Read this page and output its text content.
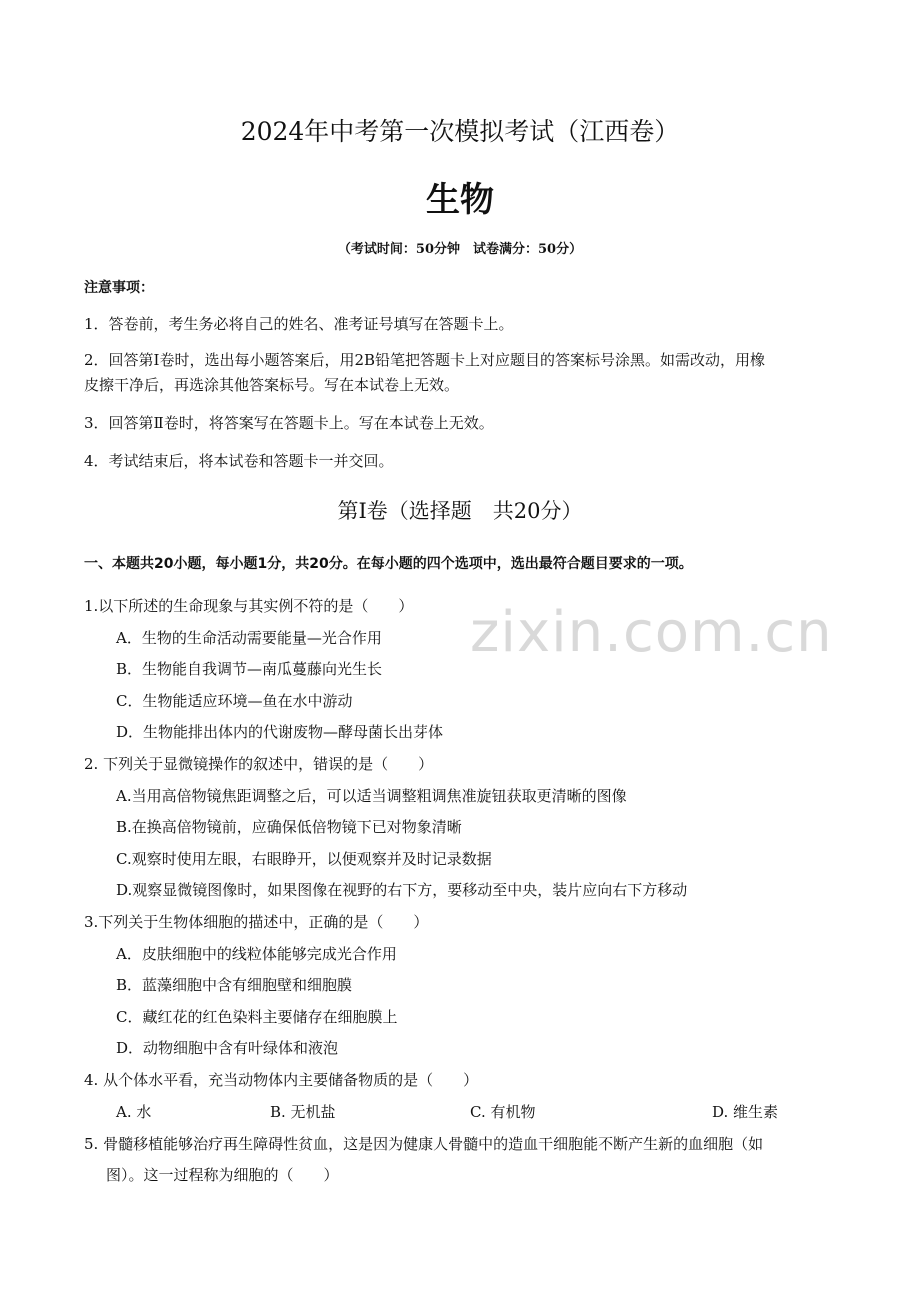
zixin.com.cn
2024年中考第一次模拟考试（江西卷）
生物
（考试时间：50分钟　试卷满分：50分）
注意事项：
1．答卷前，考生务必将自己的姓名、准考证号填写在答题卡上。
2．回答第Ⅰ卷时，选出每小题答案后，用2B铅笔把答题卡上对应题目的答案标号涂黑。如需改动，用橡
皮擦干净后，再选涂其他答案标号。写在本试卷上无效。
3．回答第Ⅱ卷时，将答案写在答题卡上。写在本试卷上无效。
4．考试结束后，将本试卷和答题卡一并交回。
第Ⅰ卷（选择题　共20分）
一、本题共20小题，每小题1分，共20分。在每小题的四个选项中，选出最符合题目要求的一项。
1.以下所述的生命现象与其实例不符的是（　　）
A．生物的生命活动需要能量—光合作用
B．生物能自我调节—南瓜蔓藤向光生长
C．生物能适应环境—鱼在水中游动
D．生物能排出体内的代谢废物—酵母菌长出芽体
2. 下列关于显微镜操作的叙述中，错误的是（　　）
A.当用高倍物镜焦距调整之后，可以适当调整粗调焦准旋钮获取更清晰的图像
B.在换高倍物镜前，应确保低倍物镜下已对物象清晰
C.观察时使用左眼，右眼睁开，以便观察并及时记录数据
D.观察显微镜图像时，如果图像在视野的右下方，要移动至中央，装片应向右下方移动
3.下列关于生物体细胞的描述中，正确的是（　　）
A．皮肤细胞中的线粒体能够完成光合作用
B．蓝藻细胞中含有细胞壁和细胞膜
C．藏红花的红色染料主要储存在细胞膜上
D．动物细胞中含有叶绿体和液泡
4. 从个体水平看，充当动物体内主要储备物质的是（　　）
A. 水	B. 无机盐	C. 有机物	D. 维生素
5. 骨髓移植能够治疗再生障碍性贫血，这是因为健康人骨髓中的造血干细胞能不断产生新的血细胞（如
图）。这一过程称为细胞的（　　）
